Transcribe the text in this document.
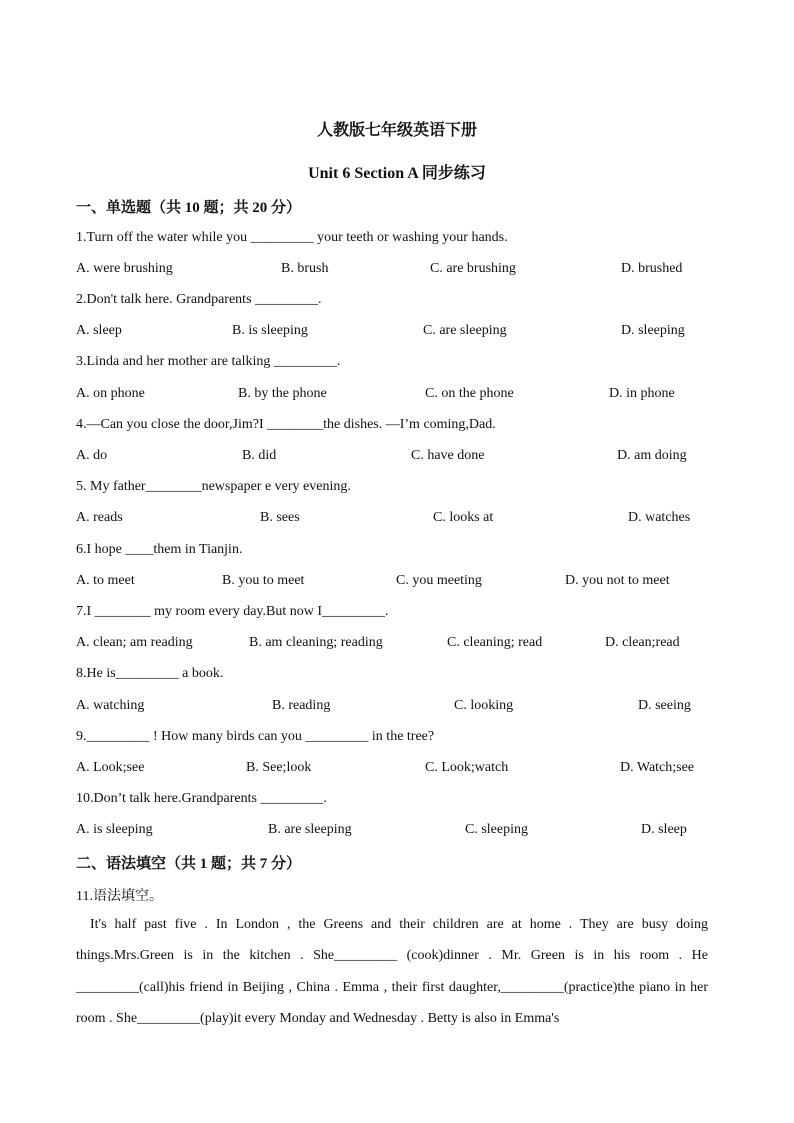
人教版七年级英语下册
Unit 6 Section A 同步练习
一、单选题（共 10 题；共 20 分）
1.Turn off the water while you _________ your teeth or washing your hands.
A. were brushing	B. brush	C. are brushing	D. brushed
2.Don't talk here. Grandparents _________.
A. sleep	B. is sleeping	C. are sleeping	D. sleeping
3.Linda and her mother are talking _________.
A. on phone	B. by the phone	C. on the phone	D. in phone
4.—Can you close the door,Jim?I ________the dishes. —I’m coming,Dad.
A. do	B. did	C. have done	D. am doing
5. My father________newspaper e very evening.
A. reads	B. sees	C. looks at	D. watches
6.I hope ____them in Tianjin.
A. to meet	B. you to meet	C. you meeting	D. you not to meet
7.I ________ my room every day.But now I_________.
A. clean; am reading	B. am cleaning; reading	C. cleaning; read	D. clean;read
8.He is_________ a book.
A. watching	B. reading	C. looking	D. seeing
9._________ ! How many birds can you _________ in the tree?
A. Look;see	B. See;look	C. Look;watch	D. Watch;see
10.Don’t talk here.Grandparents _________.
A. is sleeping	B. are sleeping	C. sleeping	D. sleep
二、语法填空（共 1 题；共 7 分）
11.语法填空。
It's half past five . In London , the Greens and their children are at home . They are busy doing things.Mrs.Green is in the kitchen . She_________ (cook)dinner . Mr. Green is in his room . He _________(call)his friend in Beijing , China . Emma , their first daughter,_________(practice)the piano in her room . She_________(play)it every Monday and Wednesday . Betty is also in Emma's
